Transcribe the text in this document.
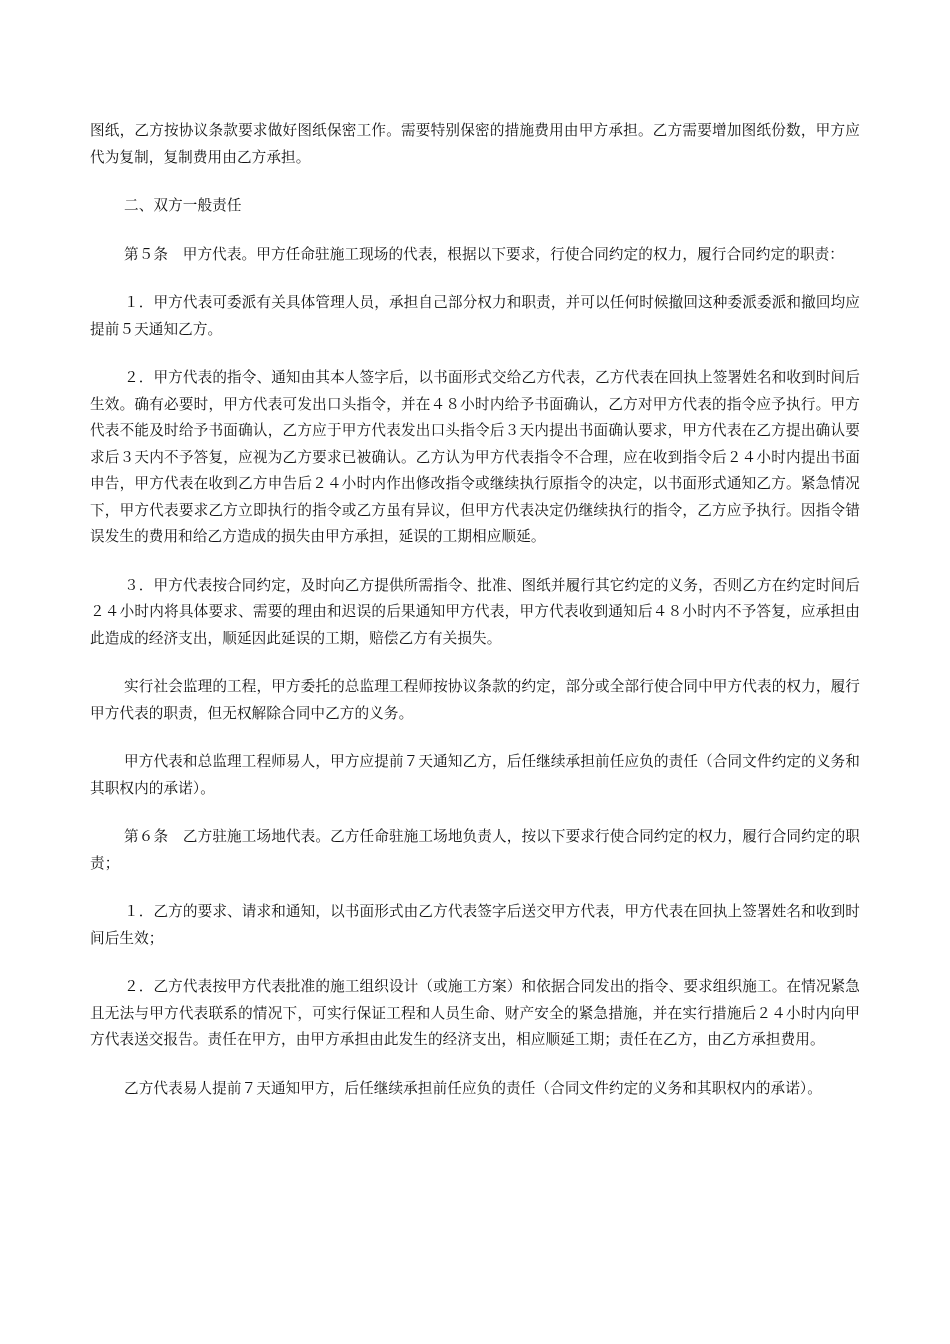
图纸，乙方按协议条款要求做好图纸保密工作。需要特别保密的措施费用由甲方承担。乙方需要增加图纸份数，甲方应代为复制，复制费用由乙方承担。

二、双方一般责任

第５条　甲方代表。甲方任命驻施工现场的代表，根据以下要求，行使合同约定的权力，履行合同约定的职责：

１．甲方代表可委派有关具体管理人员，承担自己部分权力和职责，并可以任何时候撤回这种委派委派和撤回均应提前５天通知乙方。

２．甲方代表的指令、通知由其本人签字后，以书面形式交给乙方代表，乙方代表在回执上签署姓名和收到时间后生效。确有必要时，甲方代表可发出口头指令，并在４８小时内给予书面确认，乙方对甲方代表的指令应予执行。甲方代表不能及时给予书面确认，乙方应于甲方代表发出口头指令后３天内提出书面确认要求，甲方代表在乙方提出确认要求后３天内不予答复，应视为乙方要求已被确认。乙方认为甲方代表指令不合理，应在收到指令后２４小时内提出书面申告，甲方代表在收到乙方申告后２４小时内作出修改指令或继续执行原指令的决定，以书面形式通知乙方。紧急情况下，甲方代表要求乙方立即执行的指令或乙方虽有异议，但甲方代表决定仍继续执行的指令，乙方应予执行。因指令错误发生的费用和给乙方造成的损失由甲方承担，延误的工期相应顺延。

３．甲方代表按合同约定，及时向乙方提供所需指令、批准、图纸并履行其它约定的义务，否则乙方在约定时间后２４小时内将具体要求、需要的理由和迟误的后果通知甲方代表，甲方代表收到通知后４８小时内不予答复，应承担由此造成的经济支出，顺延因此延误的工期，赔偿乙方有关损失。

实行社会监理的工程，甲方委托的总监理工程师按协议条款的约定，部分或全部行使合同中甲方代表的权力，履行甲方代表的职责，但无权解除合同中乙方的义务。

甲方代表和总监理工程师易人，甲方应提前７天通知乙方，后任继续承担前任应负的责任（合同文件约定的义务和其职权内的承诺）。

第６条　乙方驻施工场地代表。乙方任命驻施工场地负责人，按以下要求行使合同约定的权力，履行合同约定的职责；

１．乙方的要求、请求和通知，以书面形式由乙方代表签字后送交甲方代表，甲方代表在回执上签署姓名和收到时间后生效；

２．乙方代表按甲方代表批准的施工组织设计（或施工方案）和依据合同发出的指令、要求组织施工。在情况紧急且无法与甲方代表联系的情况下，可实行保证工程和人员生命、财产安全的紧急措施，并在实行措施后２４小时内向甲方代表送交报告。责任在甲方，由甲方承担由此发生的经济支出，相应顺延工期；责任在乙方，由乙方承担费用。

乙方代表易人提前７天通知甲方，后任继续承担前任应负的责任（合同文件约定的义务和其职权内的承诺）。
